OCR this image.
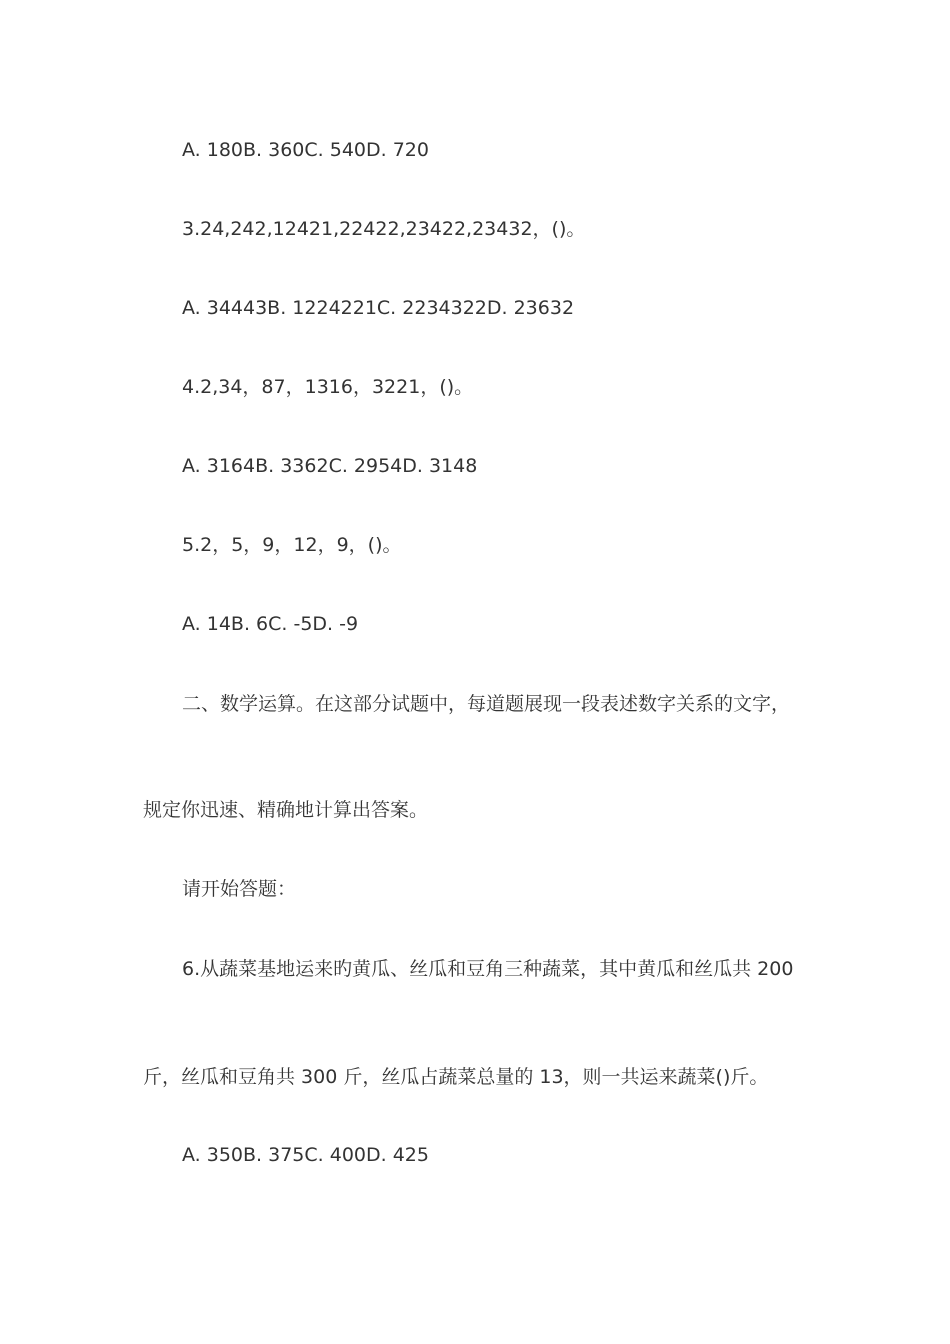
A. 180B. 360C. 540D. 720
3.24,242,12421,22422,23422,23432，()。
A. 34443B. 1224221C. 2234322D. 23632
4.2,34，87，1316，3221，()。
A. 3164B. 3362C. 2954D. 3148
5.2，5，9，12，9，()。
A. 14B. 6C. -5D. -9
二、数学运算。在这部分试题中，每道题展现一段表述数字关系的文字，
规定你迅速、精确地计算出答案。
请开始答题：
6.从蔬菜基地运来旳黄瓜、丝瓜和豆角三种蔬菜，其中黄瓜和丝瓜共 200
斤，丝瓜和豆角共 300 斤，丝瓜占蔬菜总量的 13，则一共运来蔬菜()斤。
A. 350B. 375C. 400D. 425
